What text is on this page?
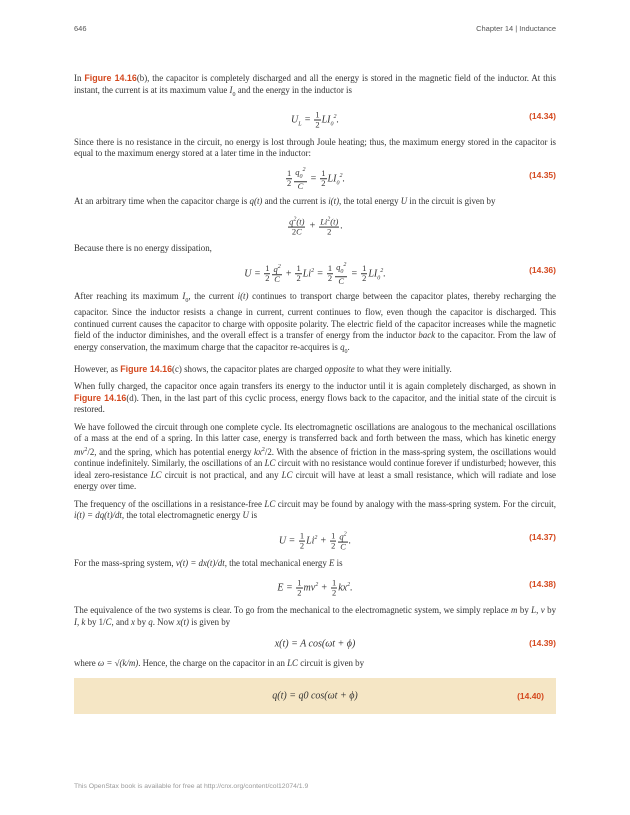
646	Chapter 14 | Inductance

In Figure 14.16(b), the capacitor is completely discharged and all the energy is stored in the magnetic field of the inductor. At this instant, the current is at its maximum value $I_0$ and the energy in the inductor is

$U_L = \frac{1}{2} LI_0^2$.	(14.34)

Since there is no resistance in the circuit, no energy is lost through Joule heating; thus, the maximum energy stored in the capacitor is equal to the maximum energy stored at a later time in the inductor:

$\frac{1}{2} \frac{q_0^2}{C} = \frac{1}{2} LI_0^2$.	(14.35)

At an arbitrary time when the capacitor charge is q(t) and the current is i(t), the total energy U in the circuit is given by

$\frac{q^2(t)}{2C} + \frac{Li^2(t)}{2}$ .

Because there is no energy dissipation,

$U = \frac{1}{2} \frac{q^2}{C} + \frac{1}{2} Li^2 = \frac{1}{2} \frac{q_0^2}{C} = \frac{1}{2} LI_0^2$.	(14.36)

After reaching its maximum $I_0$, the current i(t) continues to transport charge between the capacitor plates, thereby recharging the capacitor. Since the inductor resists a change in current, current continues to flow, even though the capacitor is discharged. This continued current causes the capacitor to charge with opposite polarity. The electric field of the capacitor increases while the magnetic field of the inductor diminishes, and the overall effect is a transfer of energy from the inductor back to the capacitor. From the law of energy conservation, the maximum charge that the capacitor re-acquires is $q_0$.

However, as Figure 14.16(c) shows, the capacitor plates are charged opposite to what they were initially.

When fully charged, the capacitor once again transfers its energy to the inductor until it is again completely discharged, as shown in Figure 14.16(d). Then, in the last part of this cyclic process, energy flows back to the capacitor, and the initial state of the circuit is restored.

We have followed the circuit through one complete cycle. Its electromagnetic oscillations are analogous to the mechanical oscillations of a mass at the end of a spring. In this latter case, energy is transferred back and forth between the mass, which has kinetic energy $mv^2/2$, and the spring, which has potential energy $kx^2/2$. With the absence of friction in the mass-spring system, the oscillations would continue indefinitely. Similarly, the oscillations of an LC circuit with no resistance would continue forever if undisturbed; however, this ideal zero-resistance LC circuit is not practical, and any LC circuit will have at least a small resistance, which will radiate and lose energy over time.

The frequency of the oscillations in a resistance-free LC circuit may be found by analogy with the mass-spring system. For the circuit, i(t) = dq(t)/dt, the total electromagnetic energy U is

$U = \frac{1}{2} Li^2 + \frac{1}{2} \frac{q^2}{C}$ .	(14.37)

For the mass-spring system, v(t) = dx(t)/dt, the total mechanical energy E is

$E = \frac{1}{2} mv^2 + \frac{1}{2} kx^2$.	(14.38)

The equivalence of the two systems is clear. To go from the mechanical to the electromagnetic system, we simply replace m by L, v by I, k by 1/C, and x by q. Now x(t) is given by

x(t) = A cos(ωt + ϕ)	(14.39)

where ω = √(k/m). Hence, the charge on the capacitor in an LC circuit is given by

q(t) = q0 cos(ωt + ϕ)	(14.40)
This OpenStax book is available for free at http://cnx.org/content/col12074/1.9
